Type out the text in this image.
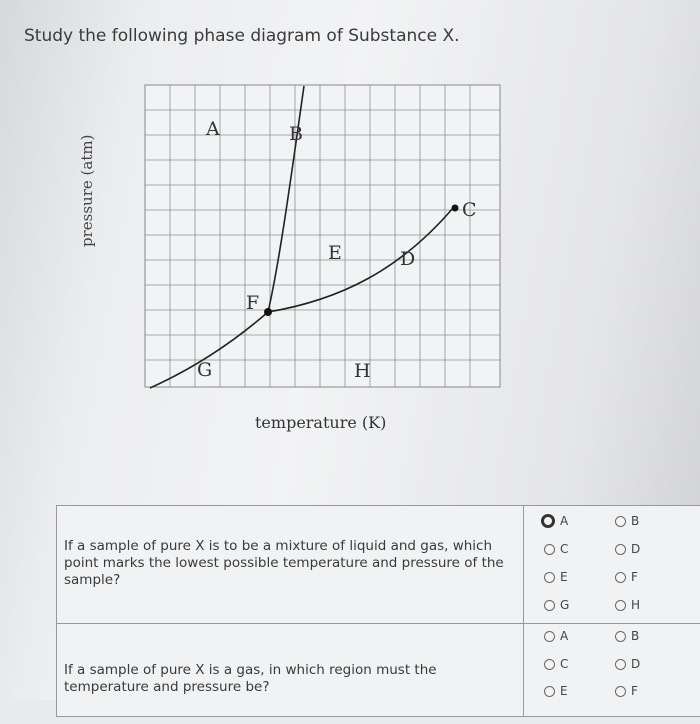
Study the following phase diagram of Substance X.
A	B
C
D
E
F
G	H
pressure (atm)
temperature (K)
If a sample of pure X is to be a mixture of liquid and gas, which point marks the lowest possible temperature and pressure of the sample?
A	B
C	D
E	F
G	H
If a sample of pure X is a gas, in which region must the temperature and pressure be?
A	B
C	D
E	F
